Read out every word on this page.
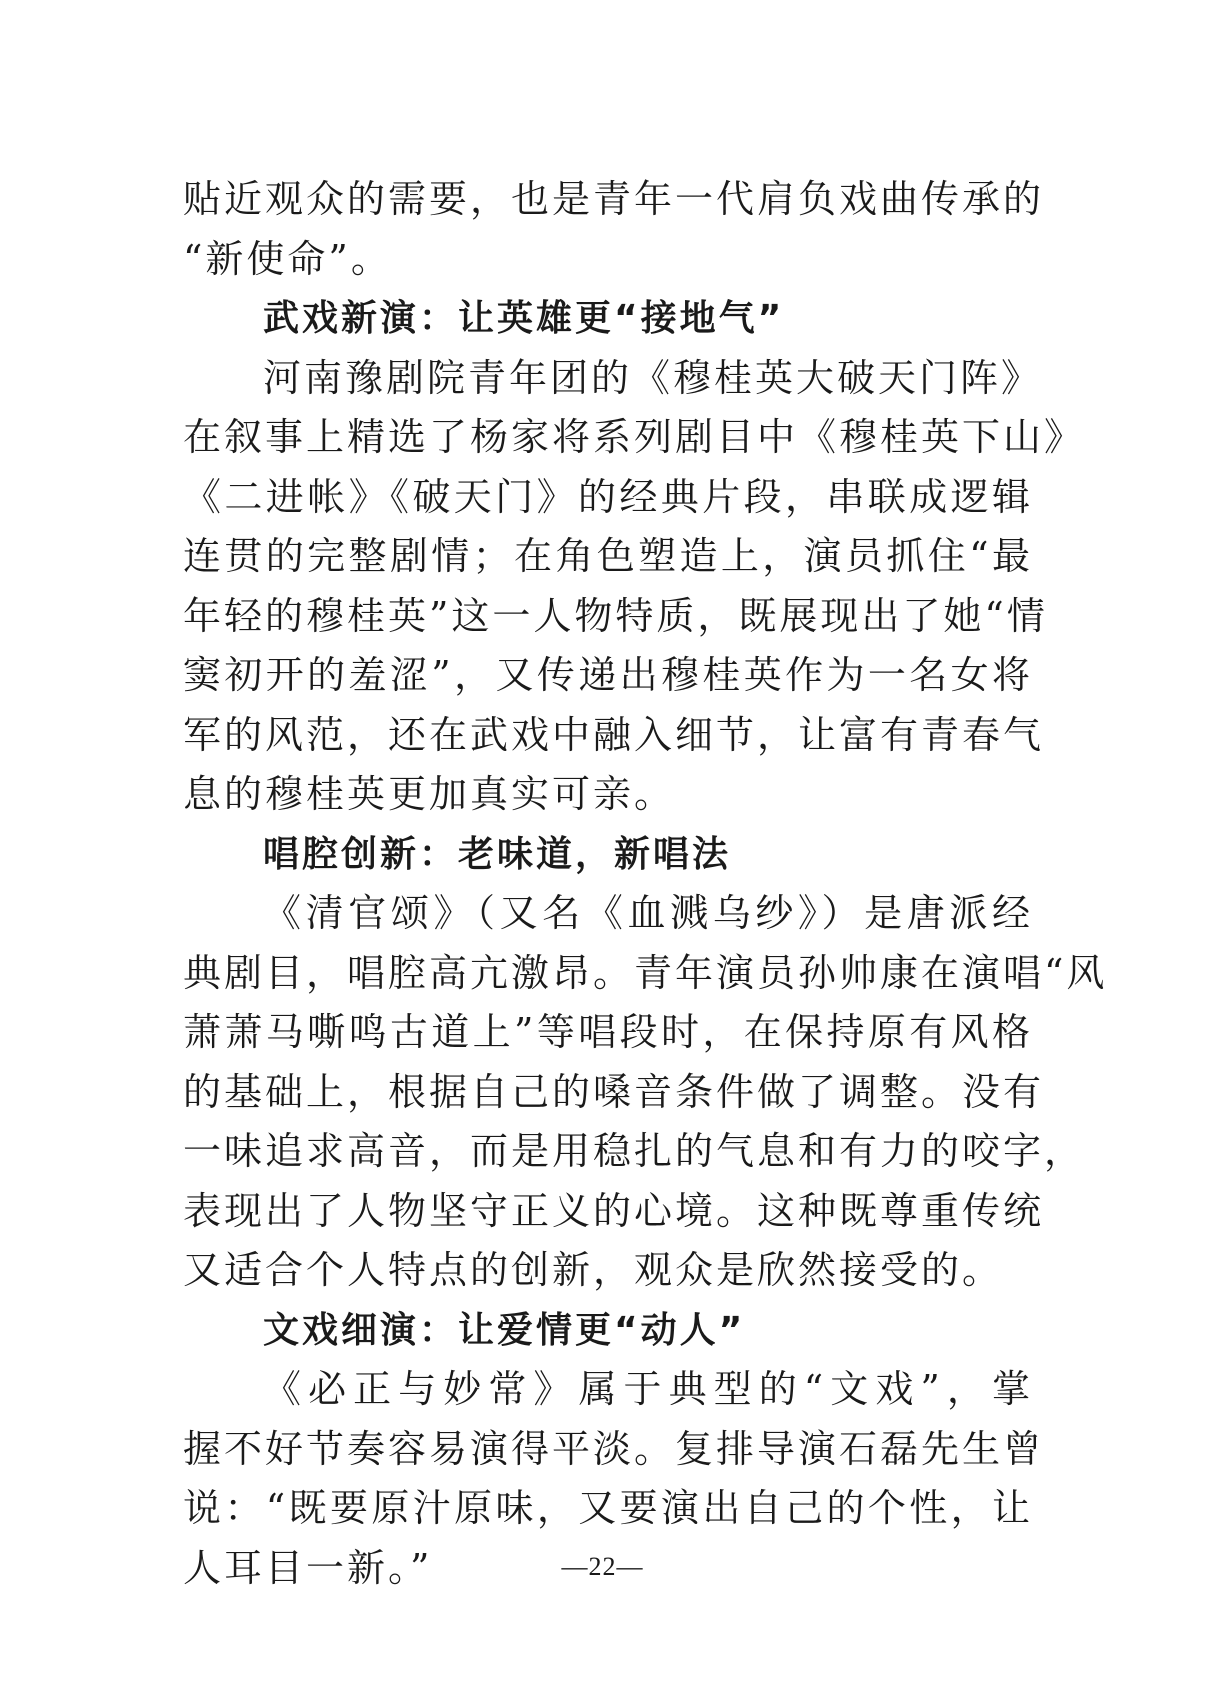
贴近观众的需要，也是青年一代肩负戏曲传承的
“新使命”。
武戏新演：让英雄更“接地气”
河南豫剧院青年团的《穆桂英大破天门阵》
在叙事上精选了杨家将系列剧目中《穆桂英下山》
《二进帐》《破天门》的经典片段，串联成逻辑
连贯的完整剧情；在角色塑造上，演员抓住“最
年轻的穆桂英”这一人物特质，既展现出了她“情
窦初开的羞涩”，又传递出穆桂英作为一名女将
军的风范，还在武戏中融入细节，让富有青春气
息的穆桂英更加真实可亲。
唱腔创新：老味道，新唱法
《清官颂》（又名《血溅乌纱》）是唐派经
典剧目，唱腔高亢激昂。青年演员孙帅康在演唱“风
萧萧马嘶鸣古道上”等唱段时，在保持原有风格
的基础上，根据自己的嗓音条件做了调整。没有
一味追求高音，而是用稳扎的气息和有力的咬字，
表现出了人物坚守正义的心境。这种既尊重传统
又适合个人特点的创新，观众是欣然接受的。
文戏细演：让爱情更“动人”
《必正与妙常》属于典型的“文戏”，掌
握不好节奏容易演得平淡。复排导演石磊先生曾
说：“既要原汁原味，又要演出自己的个性，让
人耳目一新。”	—22—
